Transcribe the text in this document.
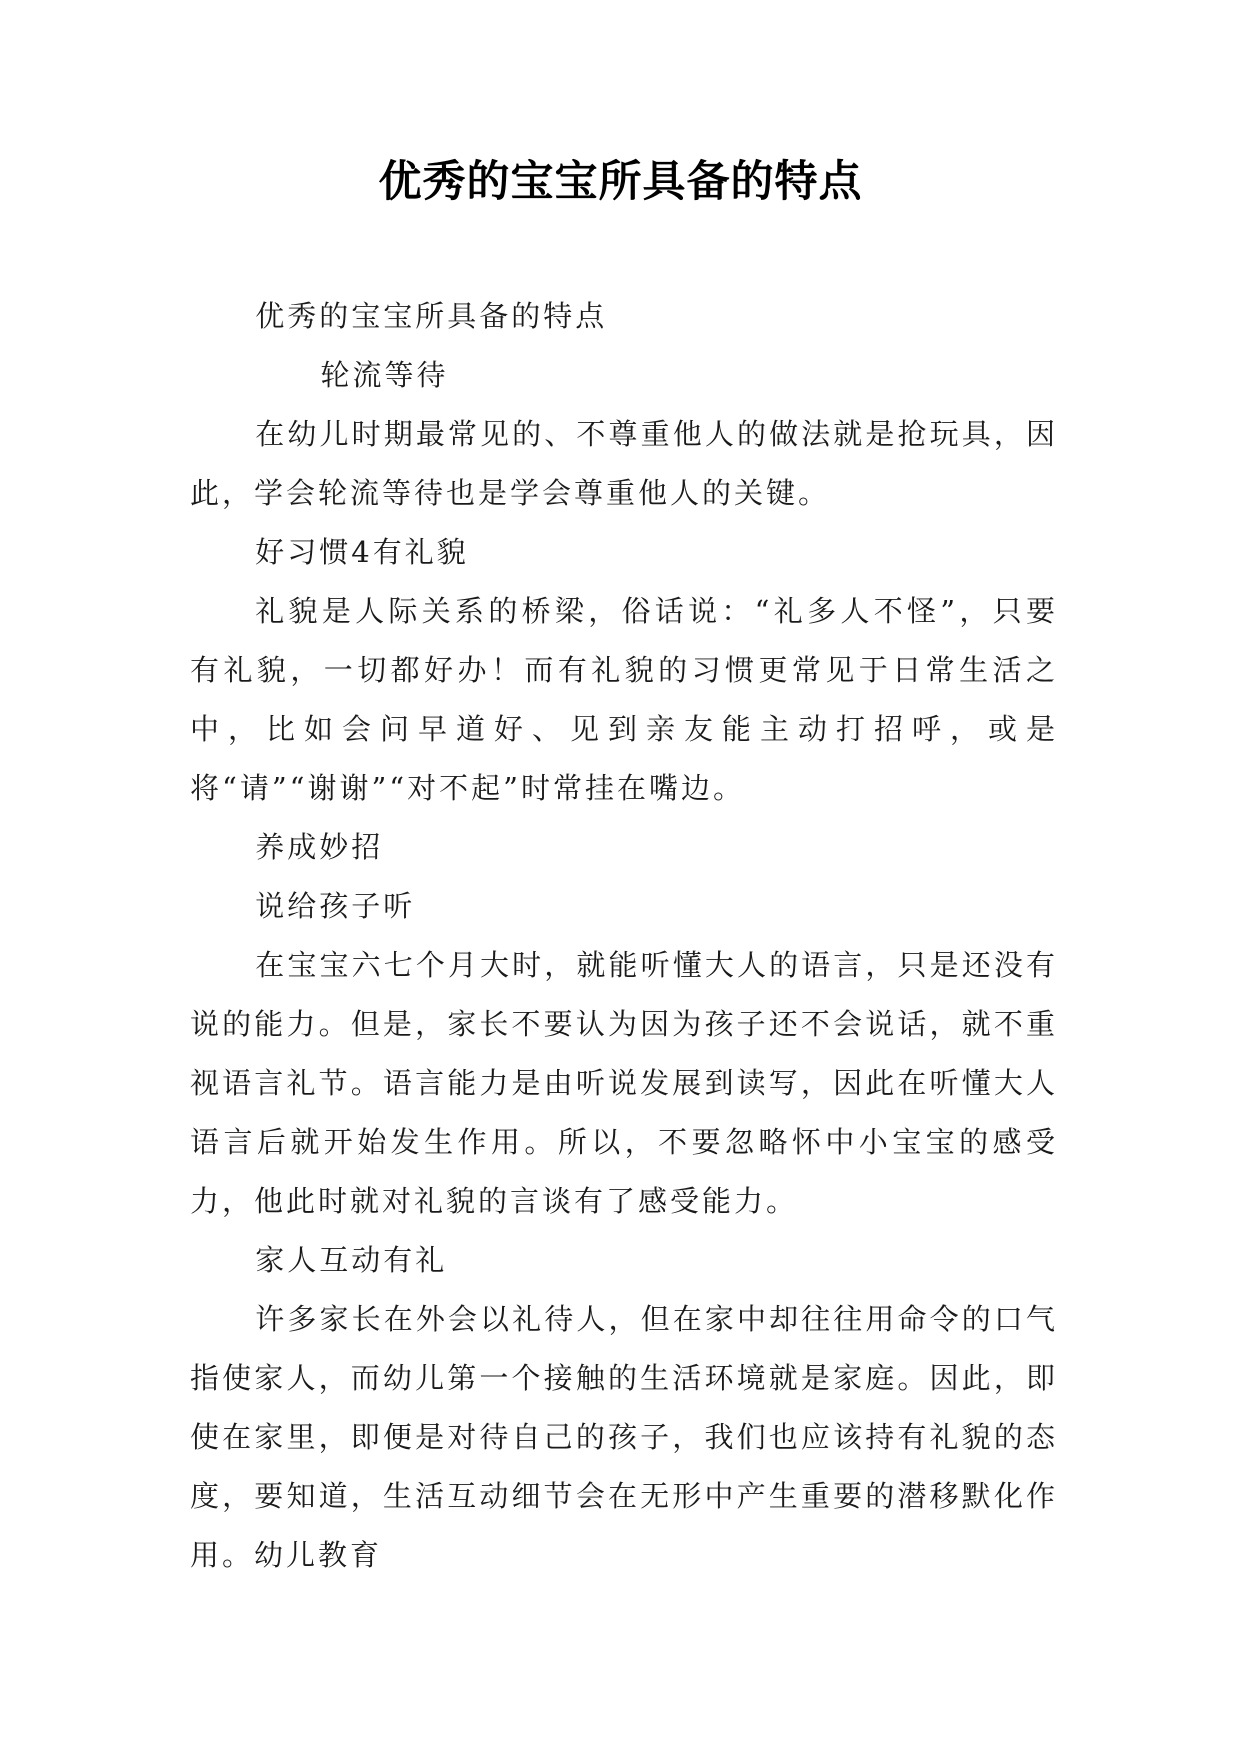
优秀的宝宝所具备的特点

优秀的宝宝所具备的特点

轮流等待

在幼儿时期最常见的、不尊重他人的做法就是抢玩具，因此，学会轮流等待也是学会尊重他人的关键。

好习惯4有礼貌

礼貌是人际关系的桥梁，俗话说：“礼多人不怪”，只要有礼貌，一切都好办！而有礼貌的习惯更常见于日常生活之中，比如会问早道好、见到亲友能主动打招呼，或是将“请”“谢谢”“对不起”时常挂在嘴边。

养成妙招

说给孩子听

在宝宝六七个月大时，就能听懂大人的语言，只是还没有说的能力。但是，家长不要认为因为孩子还不会说话，就不重视语言礼节。语言能力是由听说发展到读写，因此在听懂大人语言后就开始发生作用。所以，不要忽略怀中小宝宝的感受力，他此时就对礼貌的言谈有了感受能力。

家人互动有礼

许多家长在外会以礼待人，但在家中却往往用命令的口气指使家人，而幼儿第一个接触的生活环境就是家庭。因此，即使在家里，即便是对待自己的孩子，我们也应该持有礼貌的态度，要知道，生活互动细节会在无形中产生重要的潜移默化作用。幼儿教育
